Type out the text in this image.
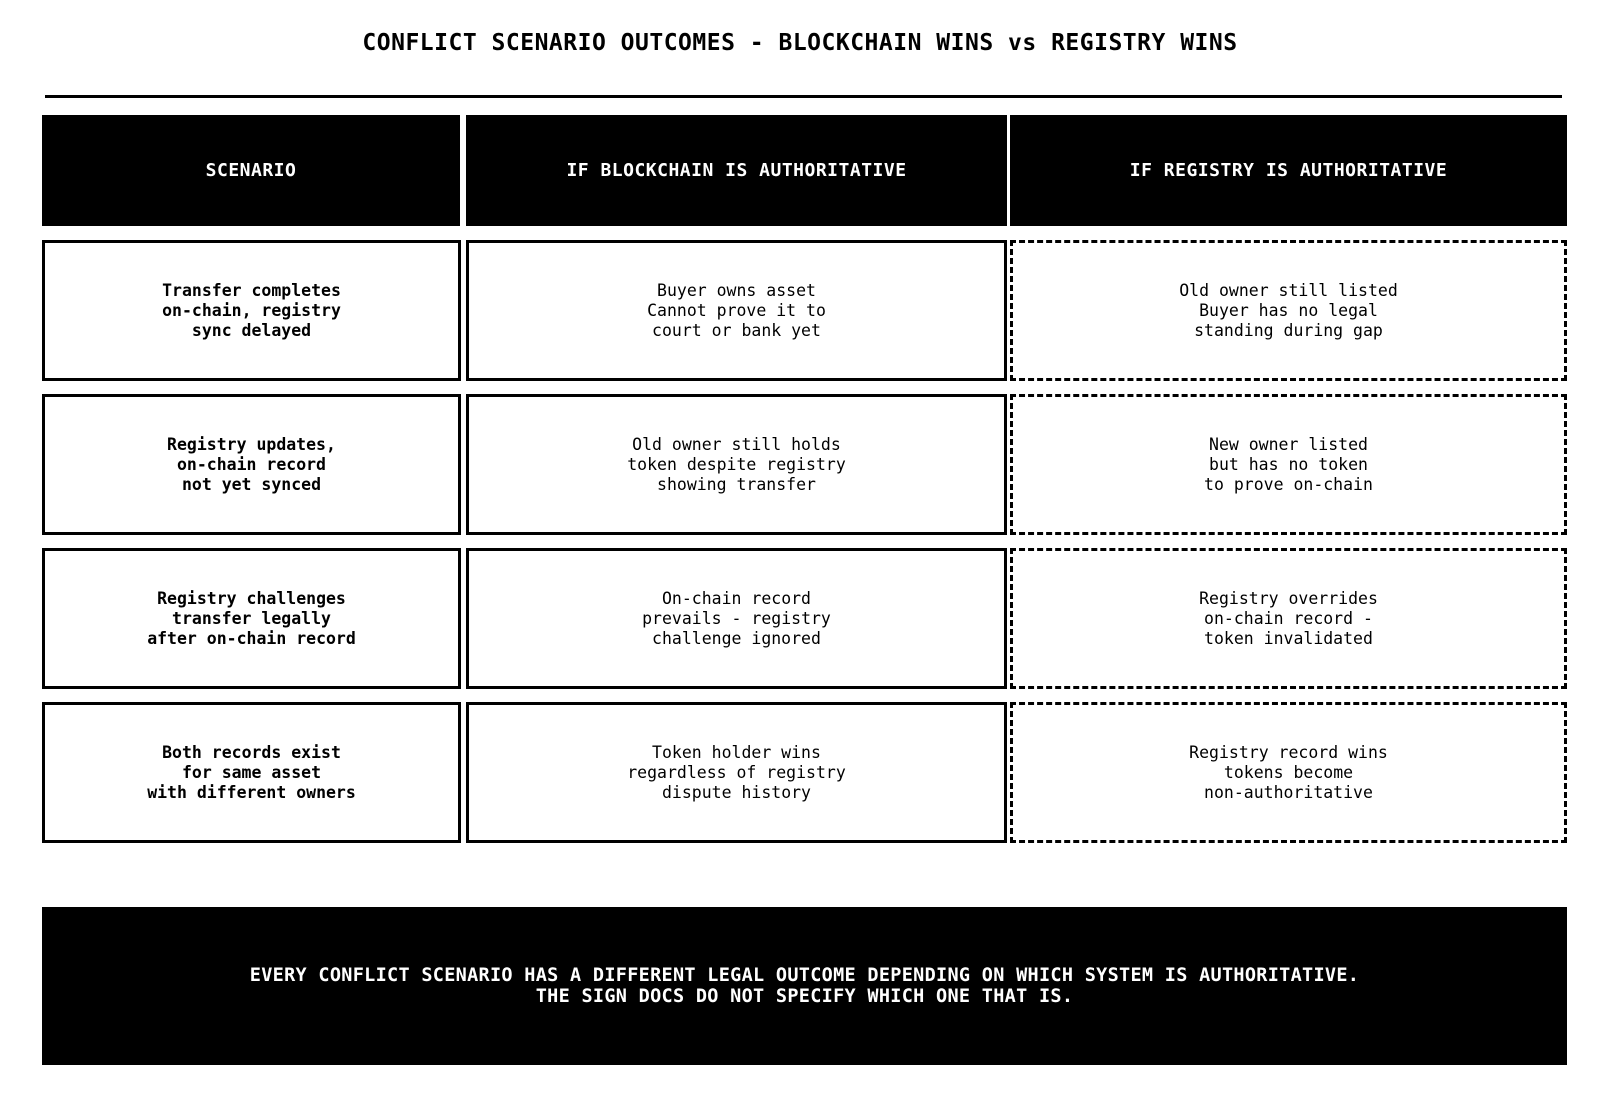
CONFLICT SCENARIO OUTCOMES - BLOCKCHAIN WINS vs REGISTRY WINS
SCENARIO	IF BLOCKCHAIN IS AUTHORITATIVE	IF REGISTRY IS AUTHORITATIVE
Transfer completes
on-chain, registry
sync delayed
Buyer owns asset
Cannot prove it to
court or bank yet
Old owner still listed
Buyer has no legal
standing during gap
Registry updates,
on-chain record
not yet synced
Old owner still holds
token despite registry
showing transfer
New owner listed
but has no token
to prove on-chain
Registry challenges
transfer legally
after on-chain record
On-chain record
prevails - registry
challenge ignored
Registry overrides
on-chain record -
token invalidated
Both records exist
for same asset
with different owners
Token holder wins
regardless of registry
dispute history
Registry record wins
tokens become
non-authoritative
EVERY CONFLICT SCENARIO HAS A DIFFERENT LEGAL OUTCOME DEPENDING ON WHICH SYSTEM IS AUTHORITATIVE.
THE SIGN DOCS DO NOT SPECIFY WHICH ONE THAT IS.
